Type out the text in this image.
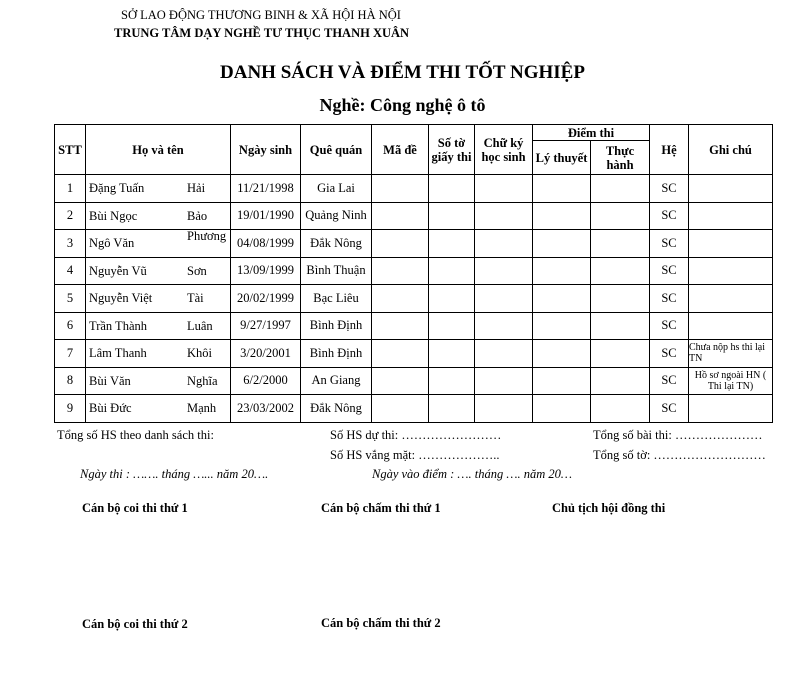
SỞ LAO ĐỘNG THƯƠNG BINH & XÃ HỘI HÀ NỘI
TRUNG TÂM DẠY NGHỀ TƯ THỤC THANH XUÂN
DANH SÁCH VÀ ĐIỂM THI TỐT NGHIỆP
Nghề: Công nghệ ô tô
STT	Họ và tên	Ngày sinh	Quê quán	Mã đề	Số tờ giấy thi	Chữ ký học sinh	Điểm thi		Hệ	Ghi chú
							Lý thuyết	Thực hành		
1	Đặng Tuấn Hải	11/21/1998	Gia Lai						SC	
2	Bùi Ngọc Bảo	19/01/1990	Quảng Ninh						SC	
3	Ngô Văn Phương	04/08/1999	Đắk Nông						SC	
4	Nguyễn Vũ Sơn	13/09/1999	Bình Thuận						SC	
5	Nguyễn Việt Tài	20/02/1999	Bạc Liêu						SC	
6	Trần Thành Luân	9/27/1997	Bình Định						SC	
7	Lâm Thanh Khôi	3/20/2001	Bình Định						SC	Chưa nộp hs thi lại TN
8	Bùi Văn Nghĩa	6/2/2000	An Giang						SC	Hồ sơ ngoài HN ( Thi lại TN)
9	Bùi Đức Mạnh	23/03/2002	Đắk Nông						SC	
Tổng số HS theo danh sách thi:	Số HS dự thi: ……………………	Tổng số bài thi: …………………
Số HS vắng mặt: ………………..	Tổng số tờ: ………………………
Ngày thi : ……. tháng …... năm 20….	Ngày vào điểm : …. tháng …. năm 20…
Cán bộ coi thi thứ 1	Cán bộ chấm thi thứ 1	Chủ tịch hội đồng thi
Cán bộ coi thi thứ 2	Cán bộ chấm thi thứ 2
